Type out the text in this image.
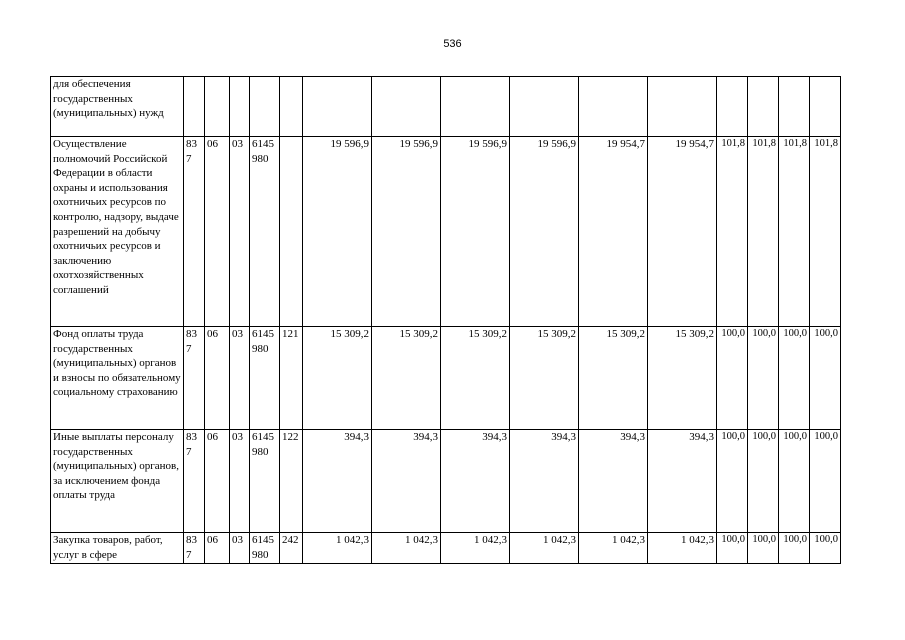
536
для обеспечения государственных (муниципальных) нужд															
Осуществление полномочий Российской Федерации в области охраны и использования охотничьих ресурсов по контролю, надзору, выдаче разрешений на добычу охотничьих ресурсов и заключению охотхозяйственных соглашений	837	06	03	6145 980		19 596,9	19 596,9	19 596,9	19 596,9	19 954,7	19 954,7	101,8	101,8	101,8	101,8
Фонд оплаты труда государственных (муниципальных) органов и взносы по обязательному социальному страхованию	837	06	03	6145 980	121	15 309,2	15 309,2	15 309,2	15 309,2	15 309,2	15 309,2	100,0	100,0	100,0	100,0
Иные выплаты персоналу государственных (муниципальных) органов, за исключением фонда оплаты труда	837	06	03	6145 980	122	394,3	394,3	394,3	394,3	394,3	394,3	100,0	100,0	100,0	100,0
Закупка товаров, работ, услуг в сфере	837	06	03	6145 980	242	1 042,3	1 042,3	1 042,3	1 042,3	1 042,3	1 042,3	100,0	100,0	100,0	100,0
